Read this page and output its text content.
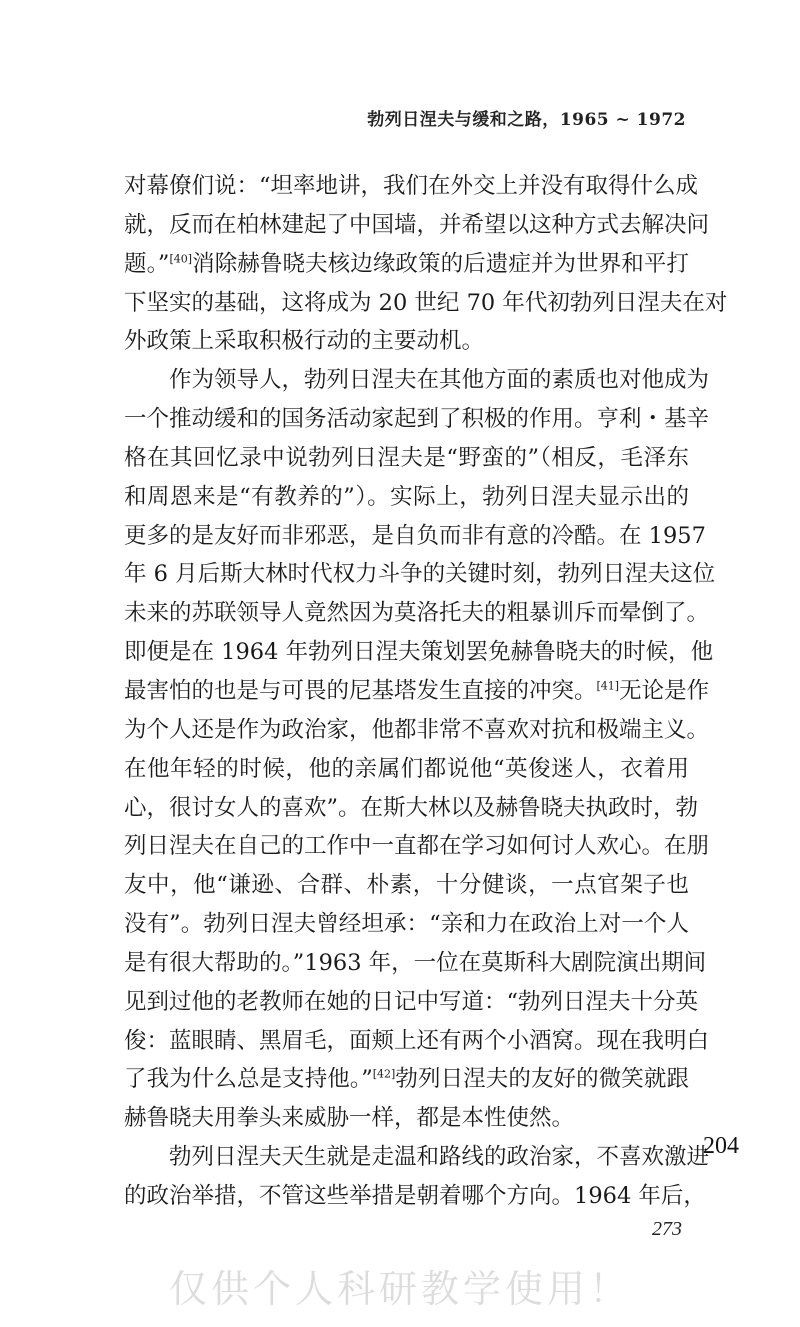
勃列日涅夫与缓和之路，1965 ~ 1972
对幕僚们说：“坦率地讲，我们在外交上并没有取得什么成
就，反而在柏林建起了中国墙，并希望以这种方式去解决问
题。”[40]消除赫鲁晓夫核边缘政策的后遗症并为世界和平打
下坚实的基础，这将成为 20 世纪 70 年代初勃列日涅夫在对
外政策上采取积极行动的主要动机。
作为领导人，勃列日涅夫在其他方面的素质也对他成为
一个推动缓和的国务活动家起到了积极的作用。亨利・基辛
格在其回忆录中说勃列日涅夫是“野蛮的”（相反，毛泽东
和周恩来是“有教养的”）。实际上，勃列日涅夫显示出的
更多的是友好而非邪恶，是自负而非有意的冷酷。在 1957
年 6 月后斯大林时代权力斗争的关键时刻，勃列日涅夫这位
未来的苏联领导人竟然因为莫洛托夫的粗暴训斥而晕倒了。
即便是在 1964 年勃列日涅夫策划罢免赫鲁晓夫的时候，他
最害怕的也是与可畏的尼基塔发生直接的冲突。[41]无论是作
为个人还是作为政治家，他都非常不喜欢对抗和极端主义。
在他年轻的时候，他的亲属们都说他“英俊迷人，衣着用
心，很讨女人的喜欢”。在斯大林以及赫鲁晓夫执政时，勃
列日涅夫在自己的工作中一直都在学习如何讨人欢心。在朋
友中，他“谦逊、合群、朴素，十分健谈，一点官架子也
没有”。勃列日涅夫曾经坦承：“亲和力在政治上对一个人
是有很大帮助的。”1963 年，一位在莫斯科大剧院演出期间
见到过他的老教师在她的日记中写道：“勃列日涅夫十分英
俊：蓝眼睛、黑眉毛，面颊上还有两个小酒窝。现在我明白
了我为什么总是支持他。”[42]勃列日涅夫的友好的微笑就跟
赫鲁晓夫用拳头来威胁一样，都是本性使然。
勃列日涅夫天生就是走温和路线的政治家，不喜欢激进
的政治举措，不管这些举措是朝着哪个方向。1964 年后，
204
273
仅供个人科研教学使用！
